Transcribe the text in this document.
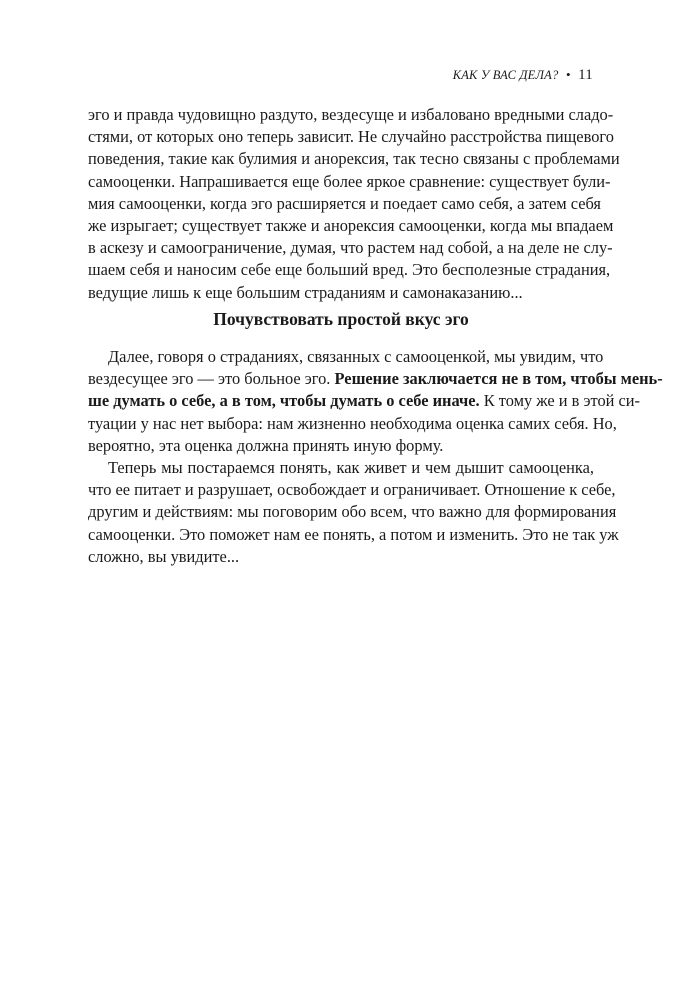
КАК У ВАС ДЕЛА? • 11
эго и правда чудовищно раздуто, вездесуще и избаловано вредными сладо-
стями, от которых оно теперь зависит. Не случайно расстройства пищевого
поведения, такие как булимия и анорексия, так тесно связаны с проблемами
самооценки. Напрашивается еще более яркое сравнение: существует були-
мия самооценки, когда эго расширяется и поедает само себя, а затем себя
же изрыгает; существует также и анорексия самооценки, когда мы впадаем
в аскезу и самоограничение, думая, что растем над собой, а на деле не слу-
шаем себя и наносим себе еще больший вред. Это бесполезные страдания,
ведущие лишь к еще большим страданиям и самонаказанию...
Почувствовать простой вкус эго
Далее, говоря о страданиях, связанных с самооценкой, мы увидим, что
вездесущее эго — это больное эго. Решение заключается не в том, чтобы мень-
ше думать о себе, а в том, чтобы думать о себе иначе. К тому же и в этой си-
туации у нас нет выбора: нам жизненно необходима оценка самих себя. Но,
вероятно, эта оценка должна принять иную форму.
Теперь мы постараемся понять, как живет и чем дышит самооценка,
что ее питает и разрушает, освобождает и ограничивает. Отношение к себе,
другим и действиям: мы поговорим обо всем, что важно для формирования
самооценки. Это поможет нам ее понять, а потом и изменить. Это не так уж
сложно, вы увидите...
